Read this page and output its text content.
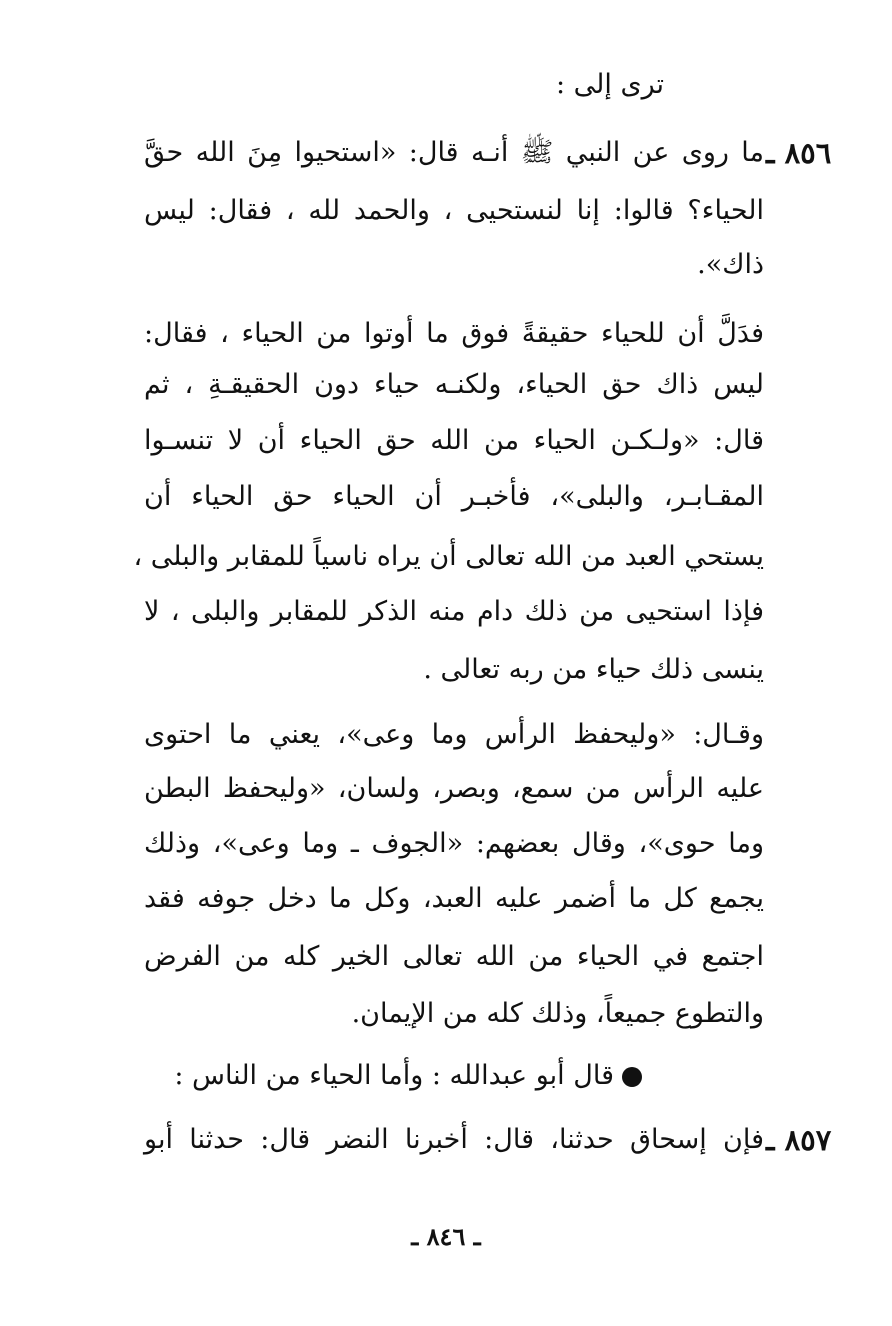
ترى إلى :
٨٥٦ ـ
ما روى عن النبي ﷺ أنـه قال: «استحيوا مِنَ الله حقَّ
الحياء؟ قالوا: إنا لنستحيى ، والحمد لله ، فقال: ليس
ذاك».
فدَلَّ أن للحياء حقيقةً فوق ما أوتوا من الحياء ، فقال:
ليس ذاك حق الحياء، ولكنـه حياء دون الحقيقـةِ ، ثم
قال: «ولـكـن الحياء من الله حق الحياء أن لا تنسـوا
المقـابـر، والبلى»، فأخبـر أن الحياء حق الحياء أن
يستحي العبد من الله تعالى أن يراه ناسياً للمقابر والبلى ،
فإذا استحيى من ذلك دام منه الذكر للمقابر والبلى ، لا
ينسى ذلك حياء من ربه تعالى .
وقـال: «وليحفظ الرأس وما وعى»، يعني ما احتوى
عليه الرأس من سمع، وبصر، ولسان، «وليحفظ البطن
وما حوى»، وقال بعضهم: «الجوف ـ وما وعى»، وذلك
يجمع كل ما أضمر عليه العبد، وكل ما دخل جوفه فقد
اجتمع في الحياء من الله تعالى الخير كله من الفرض
والتطوع جميعاً، وذلك كله من الإيمان.
قال أبو عبدالله : وأما الحياء من الناس :
٨٥٧ ـ
فإن إسحاق حدثنا، قال: أخبرنا النضر قال: حدثنا أبو
ـ ٨٤٦ ـ
